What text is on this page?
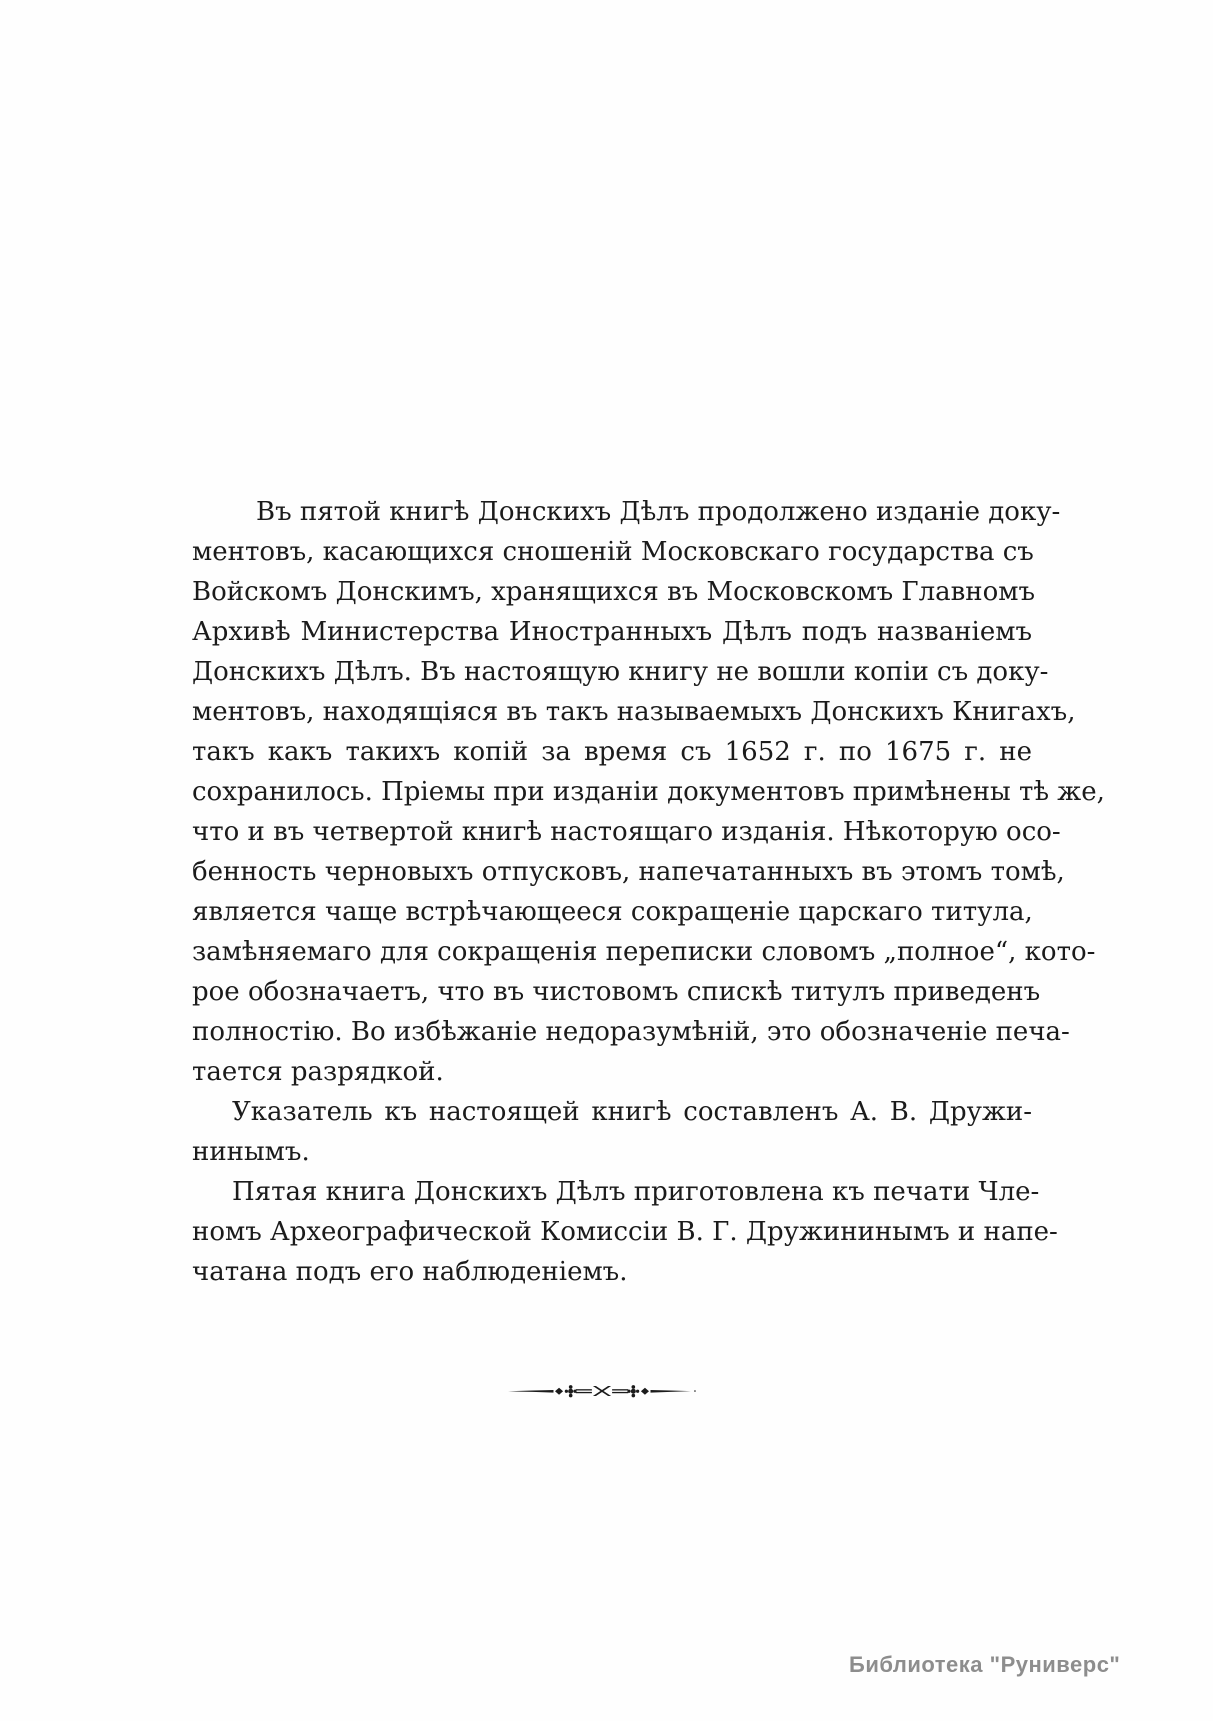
Въ пятой книгѣ Донскихъ Дѣлъ продолжено изданіе доку-
ментовъ, касающихся сношеній Московскаго государства съ
Войскомъ Донскимъ, хранящихся въ Московскомъ Главномъ
Архивѣ Министерства Иностранныхъ Дѣлъ подъ названіемъ
Донскихъ Дѣлъ. Въ настоящую книгу не вошли копіи съ доку-
ментовъ, находящіяся въ такъ называемыхъ Донскихъ Книгахъ,
такъ какъ такихъ копій за время съ 1652 г. по 1675 г. не
сохранилось. Пріемы при изданіи документовъ примѣнены тѣ же,
что и въ четвертой книгѣ настоящаго изданія. Нѣкоторую осо-
бенность черновыхъ отпусковъ, напечатанныхъ въ этомъ томѣ,
является чаще встрѣчающееся сокращеніе царскаго титула,
замѣняемаго для сокращенія переписки словомъ „полное“, кото-
рое обозначаетъ, что въ чистовомъ спискѣ титулъ приведенъ
полностію. Во избѣжаніе недоразумѣній, это обозначеніе печа-
тается разрядкой.
Указатель къ настоящей книгѣ составленъ А. В. Дружи-
нинымъ.
Пятая книга Донскихъ Дѣлъ приготовлена къ печати Чле-
номъ Археографической Комиссіи В. Г. Дружининымъ и напе-
чатана подъ его наблюденіемъ.
Библиотека "Руниверс"
